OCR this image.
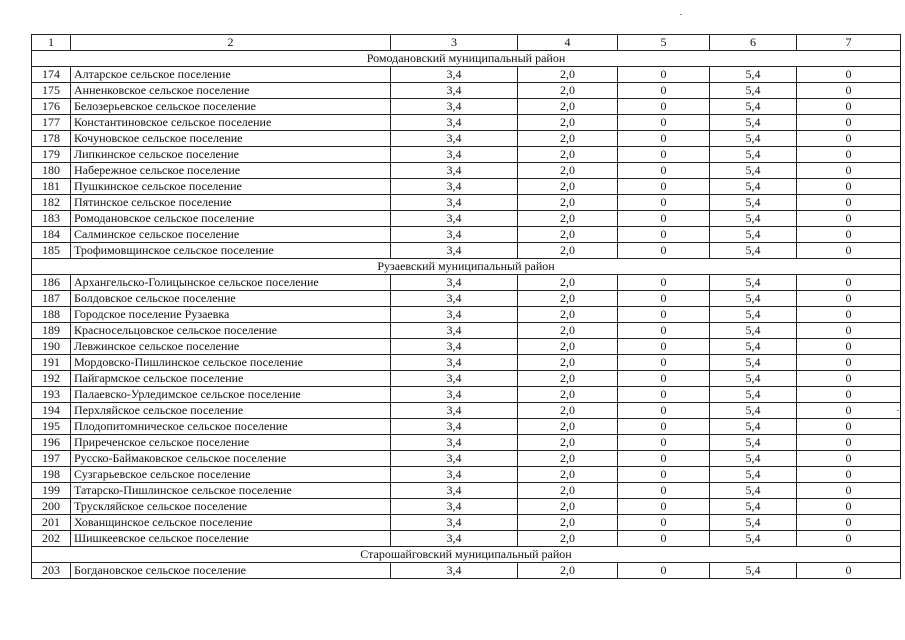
1	2	3	4	5	6	7
Ромодановский муниципальный район						
174	Алтарское сельское поселение	3,4	2,0	0	5,4	0
175	Анненковское сельское поселение	3,4	2,0	0	5,4	0
176	Белозерьевское сельское поселение	3,4	2,0	0	5,4	0
177	Константиновское сельское поселение	3,4	2,0	0	5,4	0
178	Кочуновское сельское поселение	3,4	2,0	0	5,4	0
179	Липкинское сельское поселение	3,4	2,0	0	5,4	0
180	Набережное сельское поселение	3,4	2,0	0	5,4	0
181	Пушкинское сельское поселение	3,4	2,0	0	5,4	0
182	Пятинское сельское поселение	3,4	2,0	0	5,4	0
183	Ромодановское сельское поселение	3,4	2,0	0	5,4	0
184	Салминское сельское поселение	3,4	2,0	0	5,4	0
185	Трофимовщинское сельское поселение	3,4	2,0	0	5,4	0
Рузаевский муниципальный район						
186	Архангельско-Голицынское сельское поселение	3,4	2,0	0	5,4	0
187	Болдовское сельское поселение	3,4	2,0	0	5,4	0
188	Городское поселение Рузаевка	3,4	2,0	0	5,4	0
189	Красносельцовское сельское поселение	3,4	2,0	0	5,4	0
190	Левжинское сельское поселение	3,4	2,0	0	5,4	0
191	Мордовско-Пишлинское сельское поселение	3,4	2,0	0	5,4	0
192	Пайгармское сельское поселение	3,4	2,0	0	5,4	0
193	Палаевско-Урледимское сельское поселение	3,4	2,0	0	5,4	0
194	Перхляйское сельское поселение	3,4	2,0	0	5,4	0
195	Плодопитомническое сельское поселение	3,4	2,0	0	5,4	0
196	Приреченское сельское поселение	3,4	2,0	0	5,4	0
197	Русско-Баймаковское сельское поселение	3,4	2,0	0	5,4	0
198	Сузгарьевское сельское поселение	3,4	2,0	0	5,4	0
199	Татарско-Пишлинское сельское поселение	3,4	2,0	0	5,4	0
200	Трускляйское сельское поселение	3,4	2,0	0	5,4	0
201	Хованщинское сельское поселение	3,4	2,0	0	5,4	0
202	Шишкеевское сельское поселение	3,4	2,0	0	5,4	0
Старошайговский муниципальный район						
203	Богдановское сельское поселение	3,4	2,0	0	5,4	0
